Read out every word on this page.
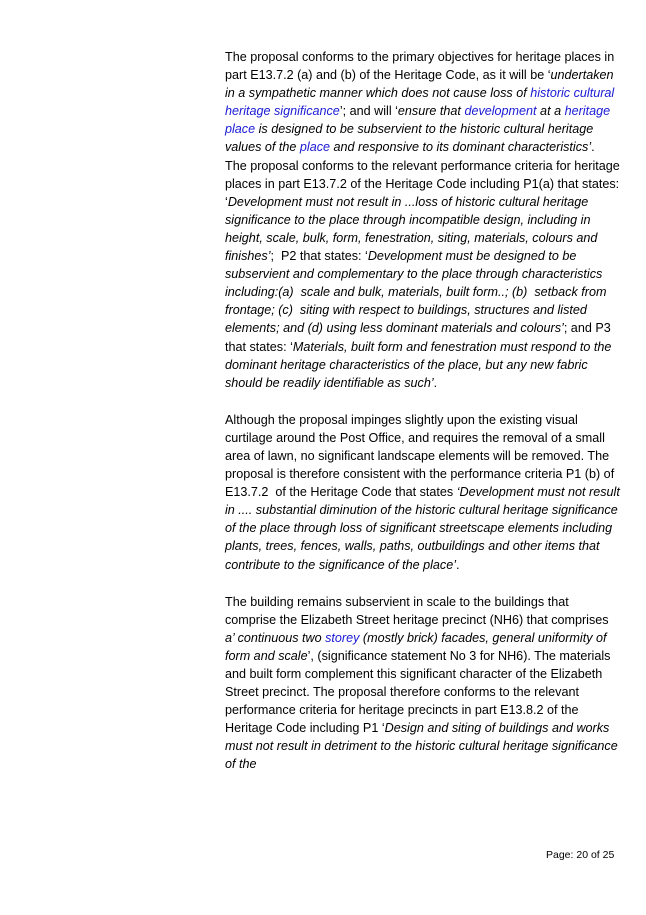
The proposal conforms to the primary objectives for heritage places in part E13.7.2 (a) and (b) of the Heritage Code, as it will be ‘undertaken in a sympathetic manner which does not cause loss of historic cultural heritage significance’; and will ‘ensure that development at a heritage place is designed to be subservient to the historic cultural heritage values of the place and responsive to its dominant characteristics’.  The proposal conforms to the relevant performance criteria for heritage places in part E13.7.2 of the Heritage Code including P1(a) that states: ‘Development must not result in ...loss of historic cultural heritage significance to the place through incompatible design, including in height, scale, bulk, form, fenestration, siting, materials, colours and finishes’;  P2 that states: ‘Development must be designed to be subservient and complementary to the place through characteristics including:(a)  scale and bulk, materials, built form..; (b)  setback from frontage; (c)  siting with respect to buildings, structures and listed elements; and (d) using less dominant materials and colours’; and P3 that states: ‘Materials, built form and fenestration must respond to the dominant heritage characteristics of the place, but any new fabric should be readily identifiable as such’.

Although the proposal impinges slightly upon the existing visual curtilage around the Post Office, and requires the removal of a small area of lawn, no significant landscape elements will be removed. The proposal is therefore consistent with the performance criteria P1 (b) of E13.7.2  of the Heritage Code that states ‘Development must not result in .... substantial diminution of the historic cultural heritage significance of the place through loss of significant streetscape elements including plants, trees, fences, walls, paths, outbuildings and other items that contribute to the significance of the place’.

The building remains subservient in scale to the buildings that comprise the Elizabeth Street heritage precinct (NH6) that comprises a’ continuous two storey (mostly brick) facades, general uniformity of form and scale’, (significance statement No 3 for NH6). The materials and built form complement this significant character of the Elizabeth Street precinct. The proposal therefore conforms to the relevant performance criteria for heritage precincts in part E13.8.2 of the Heritage Code including P1 ‘Design and siting of buildings and works must not result in detriment to the historic cultural heritage significance of the

Page: 20 of 25
